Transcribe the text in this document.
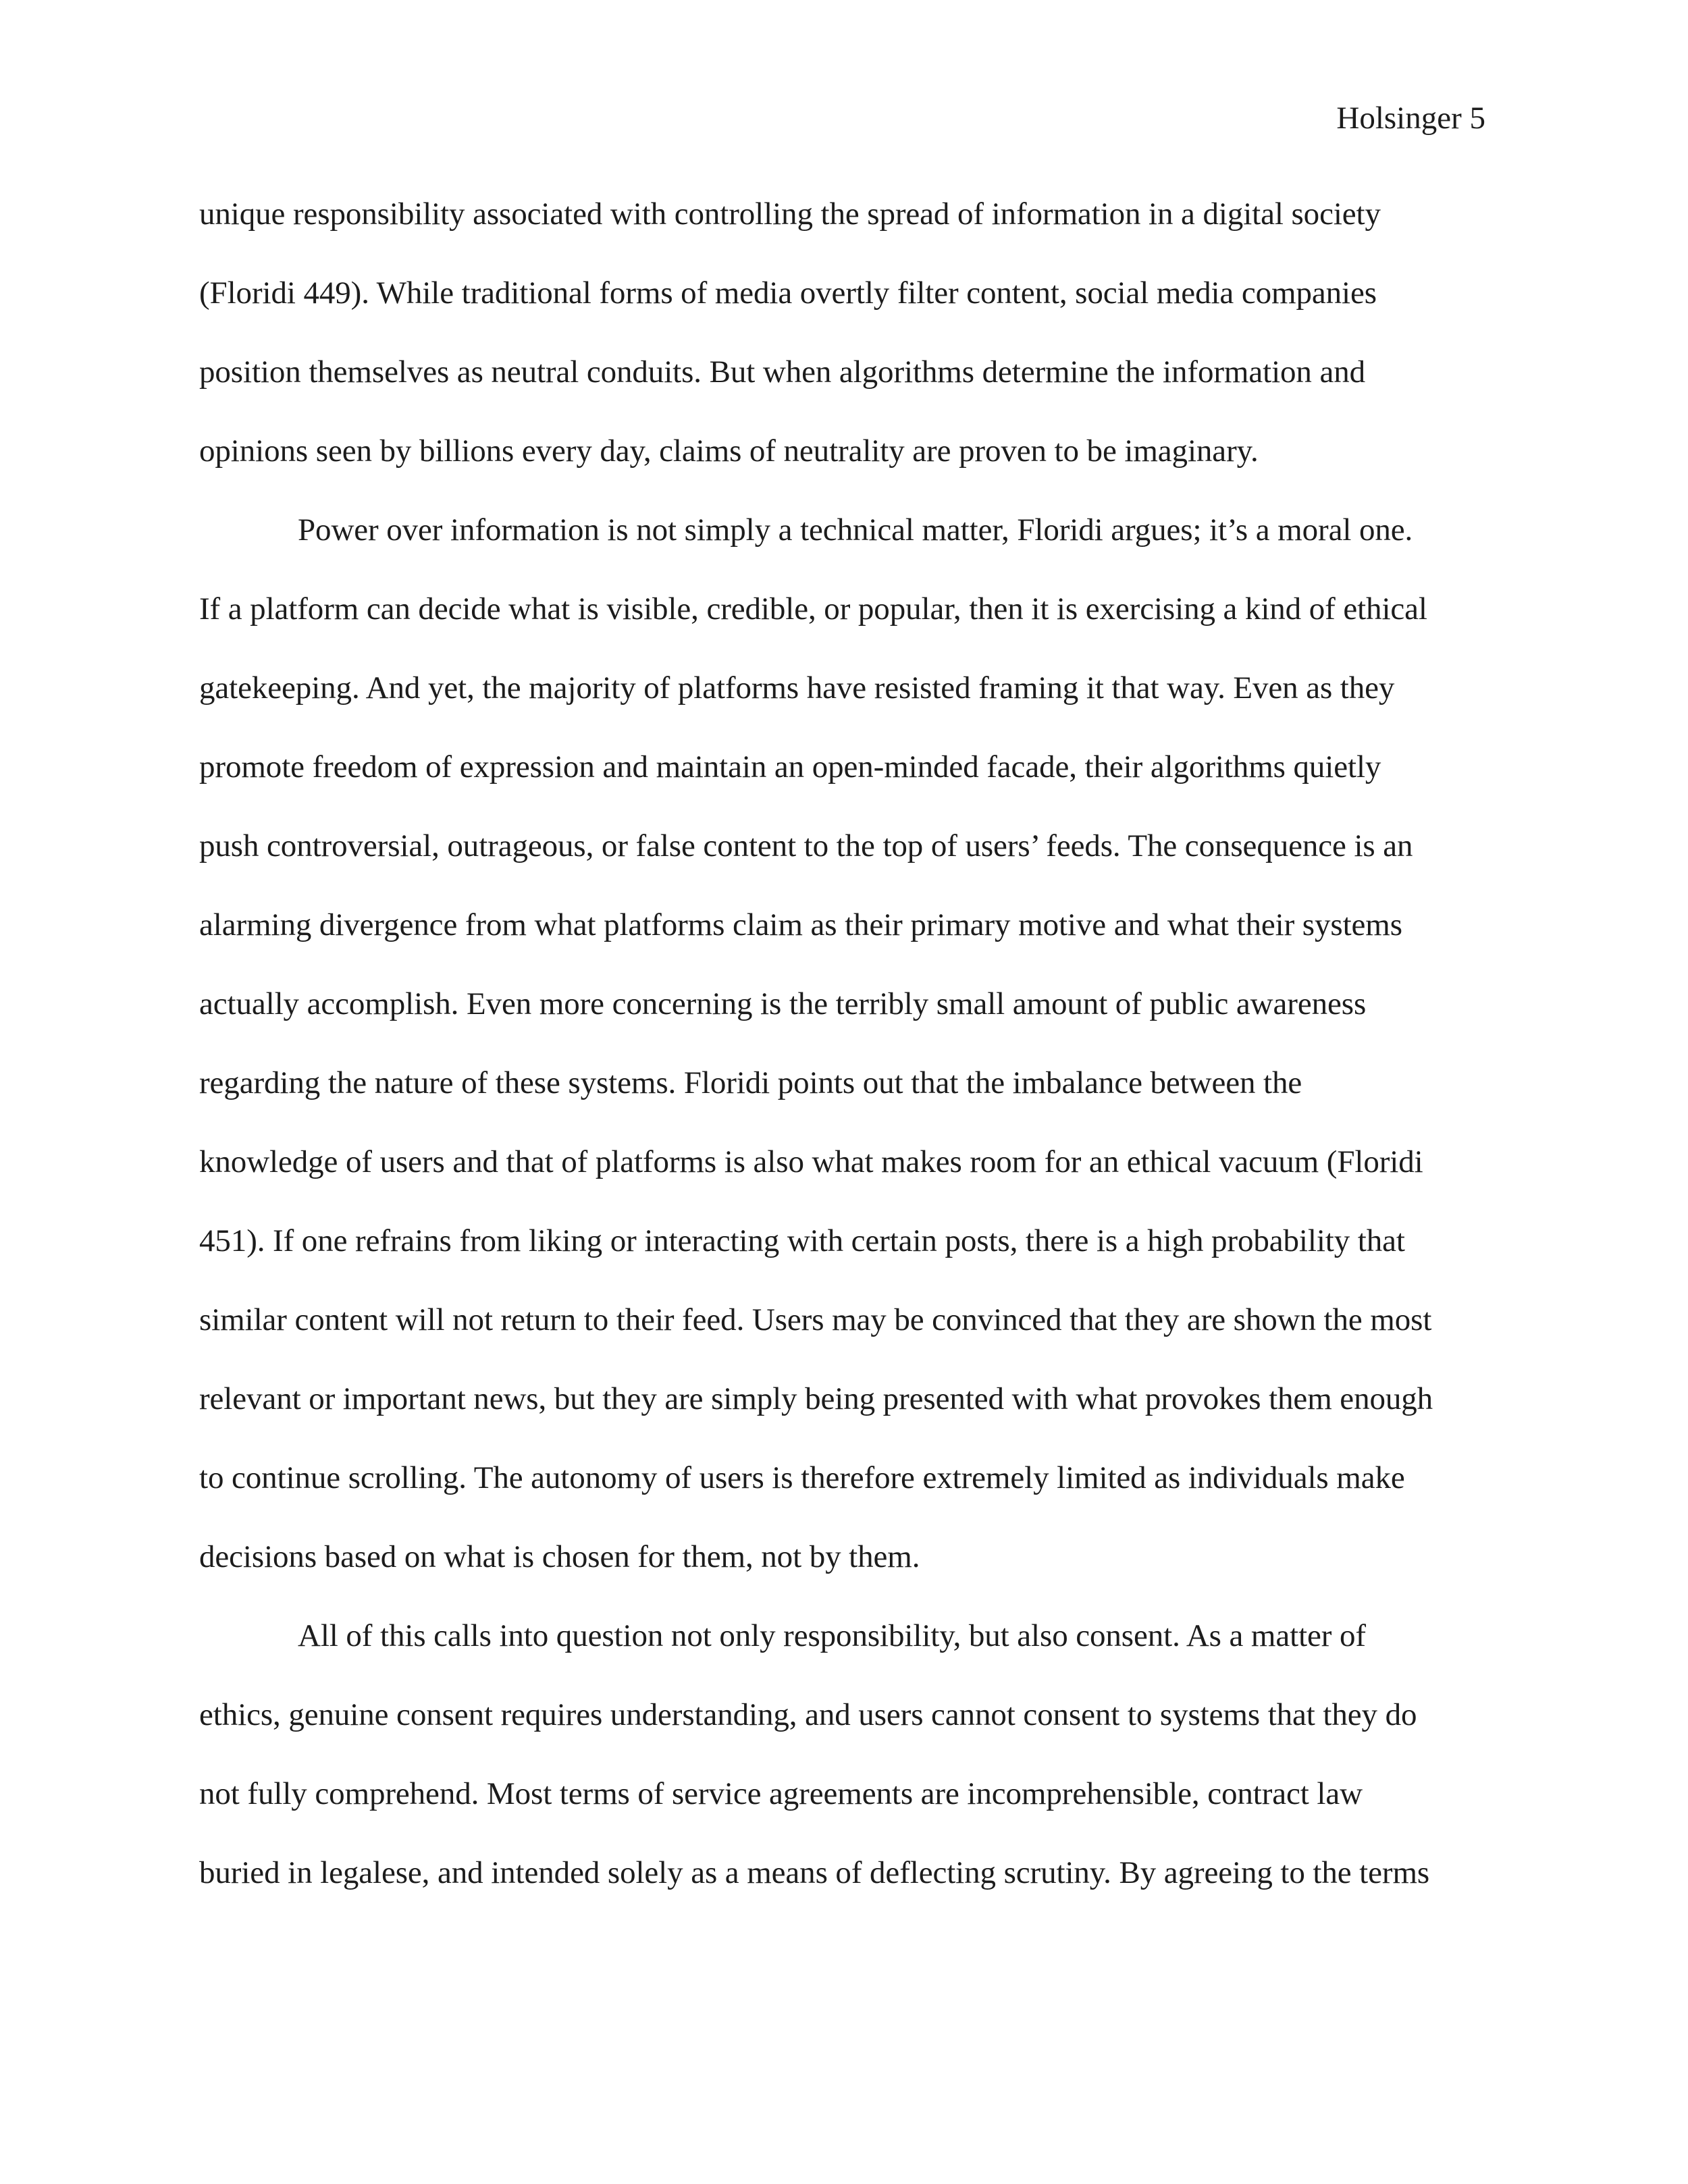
Holsinger 5
unique responsibility associated with controlling the spread of information in a digital society
(Floridi 449). While traditional forms of media overtly filter content, social media companies
position themselves as neutral conduits. But when algorithms determine the information and
opinions seen by billions every day, claims of neutrality are proven to be imaginary.
Power over information is not simply a technical matter, Floridi argues; it’s a moral one.
If a platform can decide what is visible, credible, or popular, then it is exercising a kind of ethical
gatekeeping. And yet, the majority of platforms have resisted framing it that way. Even as they
promote freedom of expression and maintain an open-minded facade, their algorithms quietly
push controversial, outrageous, or false content to the top of users’ feeds. The consequence is an
alarming divergence from what platforms claim as their primary motive and what their systems
actually accomplish. Even more concerning is the terribly small amount of public awareness
regarding the nature of these systems. Floridi points out that the imbalance between the
knowledge of users and that of platforms is also what makes room for an ethical vacuum (Floridi
451). If one refrains from liking or interacting with certain posts, there is a high probability that
similar content will not return to their feed. Users may be convinced that they are shown the most
relevant or important news, but they are simply being presented with what provokes them enough
to continue scrolling. The autonomy of users is therefore extremely limited as individuals make
decisions based on what is chosen for them, not by them.
All of this calls into question not only responsibility, but also consent. As a matter of
ethics, genuine consent requires understanding, and users cannot consent to systems that they do
not fully comprehend. Most terms of service agreements are incomprehensible, contract law
buried in legalese, and intended solely as a means of deflecting scrutiny. By agreeing to the terms
